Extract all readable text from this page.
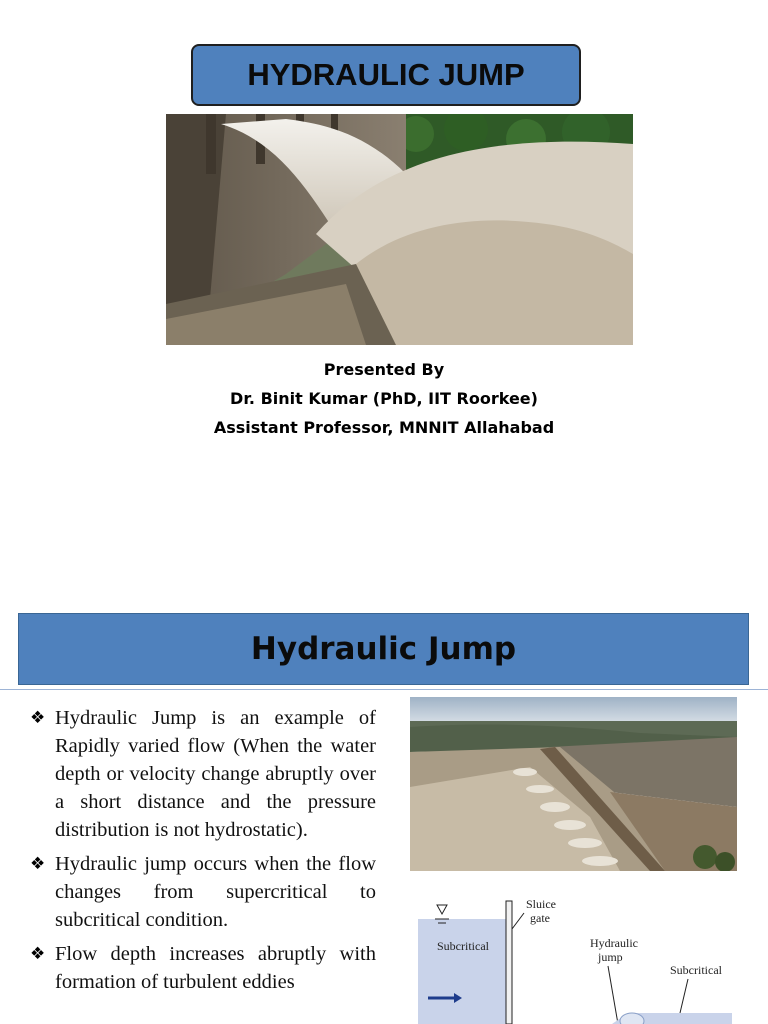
HYDRAULIC JUMP
Presented By
Dr. Binit Kumar (PhD, IIT Roorkee)
Assistant Professor, MNNIT Allahabad
Hydraulic Jump
❖ Hydraulic Jump is an example of Rapidly varied flow (When the water depth or velocity change abruptly over a short distance and the pressure distribution is not hydrostatic).
❖ Hydraulic jump occurs when the flow changes from supercritical to subcritical condition.
❖ Flow depth increases abruptly with formation of turbulent eddies
Sluice
gate
Subcritical	Hydraulic
jump
Subcritical
